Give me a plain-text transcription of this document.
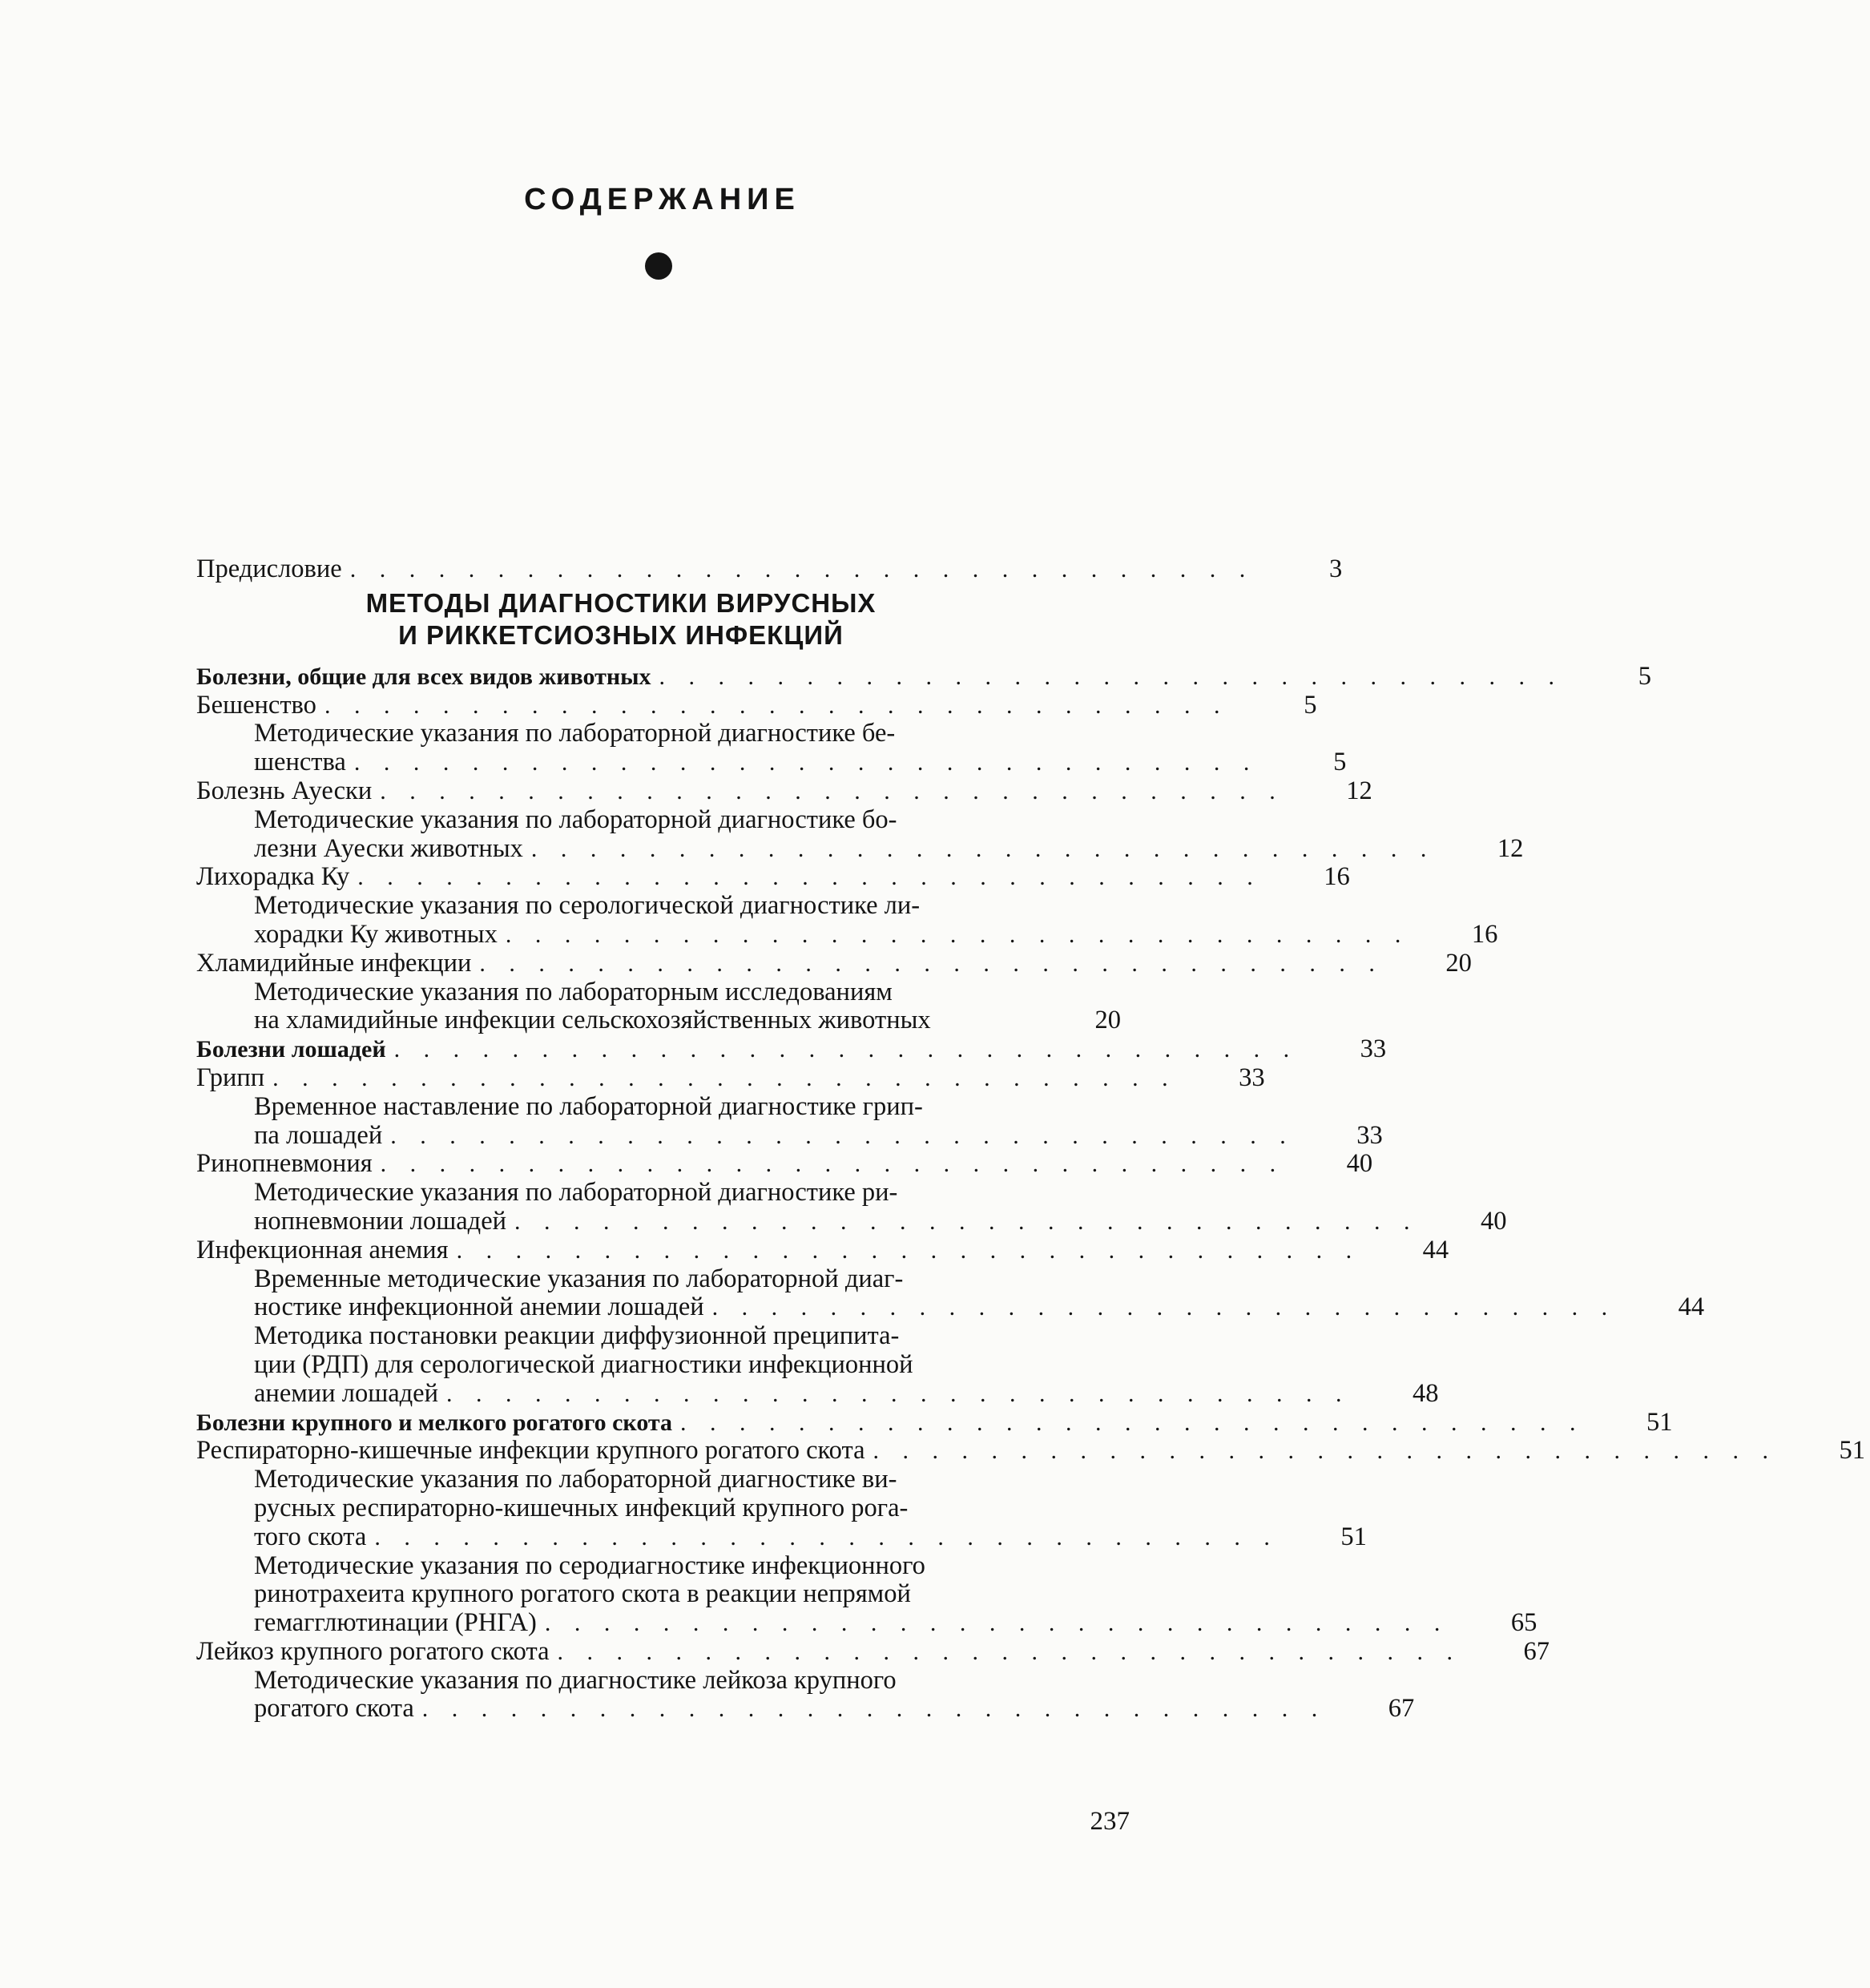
СОДЕРЖАНИЕ
Предисловие . . . . . . . . . . . . . . . . . . . . . . . . . . . . . . .	3
МЕТОДЫ ДИАГНОСТИКИ ВИРУСНЫХ
И РИККЕТСИОЗНЫХ ИНФЕКЦИЙ
Болезни, общие для всех видов животных . . . . . . . . . . . . . . . . . . . . . . . . . . . . . . .	5
Бешенство . . . . . . . . . . . . . . . . . . . . . . . . . . . . . . .	5
Методические указания по лабораторной диагностике бе-
шенства . . . . . . . . . . . . . . . . . . . . . . . . . . . . . . .	5
Болезнь Ауески . . . . . . . . . . . . . . . . . . . . . . . . . . . . . . .	12
Методические указания по лабораторной диагностике бо-
лезни Ауески животных . . . . . . . . . . . . . . . . . . . . . . . . . . . . . . .	12
Лихорадка Ку . . . . . . . . . . . . . . . . . . . . . . . . . . . . . . .	16
Методические указания по серологической диагностике ли-
хорадки Ку животных . . . . . . . . . . . . . . . . . . . . . . . . . . . . . . .	16
Хламидийные инфекции . . . . . . . . . . . . . . . . . . . . . . . . . . . . . . .	20
Методические указания по лабораторным исследованиям
на хламидийные инфекции сельскохозяйственных животных	20
Болезни лошадей . . . . . . . . . . . . . . . . . . . . . . . . . . . . . . .	33
Грипп . . . . . . . . . . . . . . . . . . . . . . . . . . . . . . .	33
Временное наставление по лабораторной диагностике грип-
па лошадей . . . . . . . . . . . . . . . . . . . . . . . . . . . . . . .	33
Ринопневмония . . . . . . . . . . . . . . . . . . . . . . . . . . . . . . .	40
Методические указания по лабораторной диагностике ри-
нопневмонии лошадей . . . . . . . . . . . . . . . . . . . . . . . . . . . . . . .	40
Инфекционная анемия . . . . . . . . . . . . . . . . . . . . . . . . . . . . . . .	44
Временные методические указания по лабораторной диаг-
ностике инфекционной анемии лошадей . . . . . . . . . . . . . . . . . . . . . . . . . . . . . . .	44
Методика постановки реакции диффузионной преципита-
ции (РДП) для серологической диагностики инфекционной
анемии лошадей . . . . . . . . . . . . . . . . . . . . . . . . . . . . . . .	48
Болезни крупного и мелкого рогатого скота . . . . . . . . . . . . . . . . . . . . . . . . . . . . . . .	51
Респираторно-кишечные инфекции крупного рогатого скота . . . . . . . . . . . . . . . . . . . . . . . . . . . . . . .	51
Методические указания по лабораторной диагностике ви-
русных респираторно-кишечных инфекций крупного рога-
того скота . . . . . . . . . . . . . . . . . . . . . . . . . . . . . . .	51
Методические указания по серодиагностике инфекционного
ринотрахеита крупного рогатого скота в реакции непрямой
гемагглютинации (РНГА) . . . . . . . . . . . . . . . . . . . . . . . . . . . . . . .	65
Лейкоз крупного рогатого скота . . . . . . . . . . . . . . . . . . . . . . . . . . . . . . .	67
Методические указания по диагностике лейкоза крупного
рогатого скота . . . . . . . . . . . . . . . . . . . . . . . . . . . . . . .	67
237
